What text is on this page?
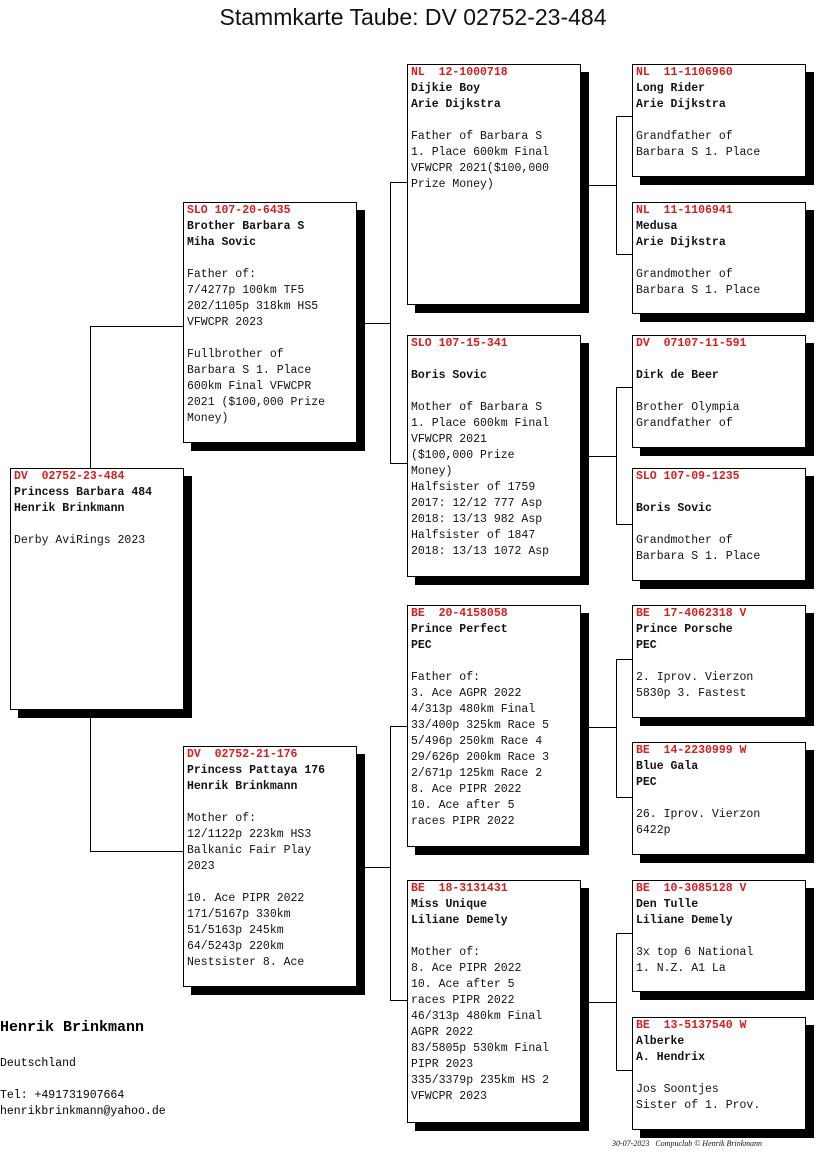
Stammkarte Taube: DV 02752-23-484
DV  02752-23-484
Princess Barbara 484
Henrik Brinkmann
Derby AviRings 2023
SLO 107-20-6435
Brother Barbara S
Miha Sovic
Father of:
7/4277p 100km TF5
202/1105p 318km HS5
VFWCPR 2023

Fullbrother of
Barbara S 1. Place
600km Final VFWCPR
2021 ($100,000 Prize
Money)
DV  02752-21-176
Princess Pattaya 176
Henrik Brinkmann
Mother of:
12/1122p 223km HS3
Balkanic Fair Play
2023

10. Ace PIPR 2022
171/5167p 330km
51/5163p 245km
64/5243p 220km
Nestsister 8. Ace
NL  12-1000718
Dijkie Boy
Arie Dijkstra
Father of Barbara S
1. Place 600km Final
VFWCPR 2021($100,000
Prize Money)
SLO 107-15-341
Boris Sovic
Mother of Barbara S
1. Place 600km Final
VFWCPR 2021
($100,000 Prize
Money)
Halfsister of 1759
2017: 12/12 777 Asp
2018: 13/13 982 Asp
Halfsister of 1847
2018: 13/13 1072 Asp
BE  20-4158058
Prince Perfect
PEC
Father of:
3. Ace AGPR 2022
4/313p 480km Final
33/400p 325km Race 5
5/496p 250km Race 4
29/626p 200km Race 3
2/671p 125km Race 2
8. Ace PIPR 2022
10. Ace after 5
races PIPR 2022
BE  18-3131431
Miss Unique
Liliane Demely
Mother of:
8. Ace PIPR 2022
10. Ace after 5
races PIPR 2022
46/313p 480km Final
AGPR 2022
83/5805p 530km Final
PIPR 2023
335/3379p 235km HS 2
VFWCPR 2023
NL  11-1106960
Long Rider
Arie Dijkstra
Grandfather of
Barbara S 1. Place
NL  11-1106941
Medusa
Arie Dijkstra
Grandmother of
Barbara S 1. Place
DV  07107-11-591
Dirk de Beer
Brother Olympia
Grandfather of
SLO 107-09-1235
Boris Sovic
Grandmother of
Barbara S 1. Place
BE  17-4062318 V
Prince Porsche
PEC
2. Iprov. Vierzon
5830p 3. Fastest
BE  14-2230999 W
Blue Gala
PEC
26. Iprov. Vierzon
6422p
BE  10-3085128 V
Den Tulle
Liliane Demely
3x top 6 National
1. N.Z. A1 La
BE  13-5137540 W
Alberke
A. Hendrix
Jos Soontjes
Sister of 1. Prov.
Henrik Brinkmann
Deutschland
Tel: +491731907664
henrikbrinkmann@yahoo.de
30-07-2023   Compuclub © Henrik Brinkmann
